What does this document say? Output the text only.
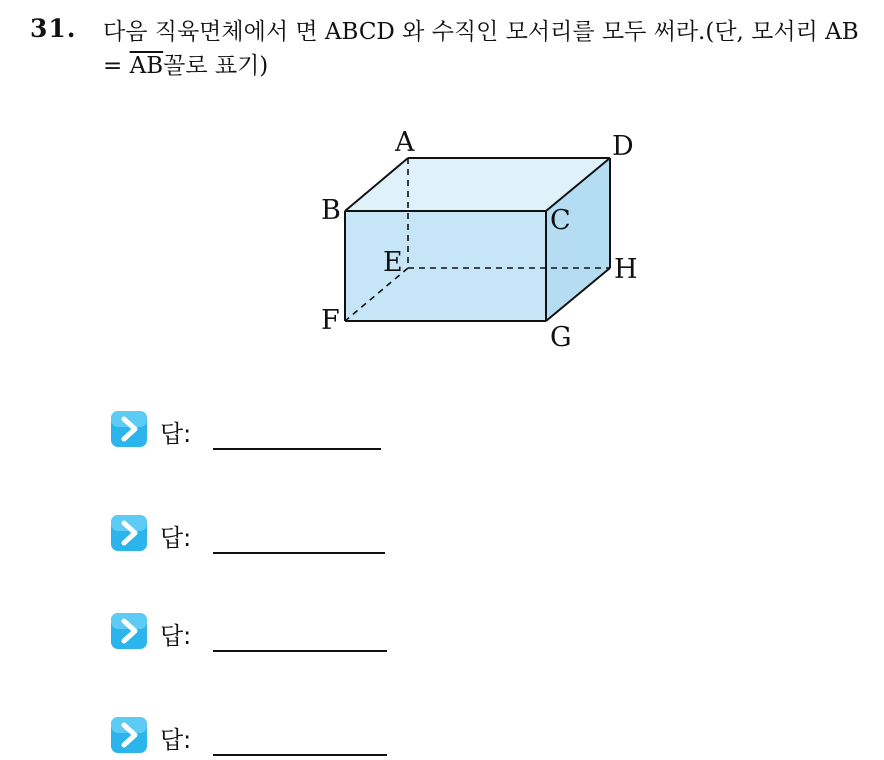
31. 다음 직육면체에서 면 ABCD 와 수직인 모서리를 모두 써라.(단, 모서리 AB = $\overline{AB}$꼴로 표기)
A	D
B	C
E	H
F
G
답:
답:
답:
답:
